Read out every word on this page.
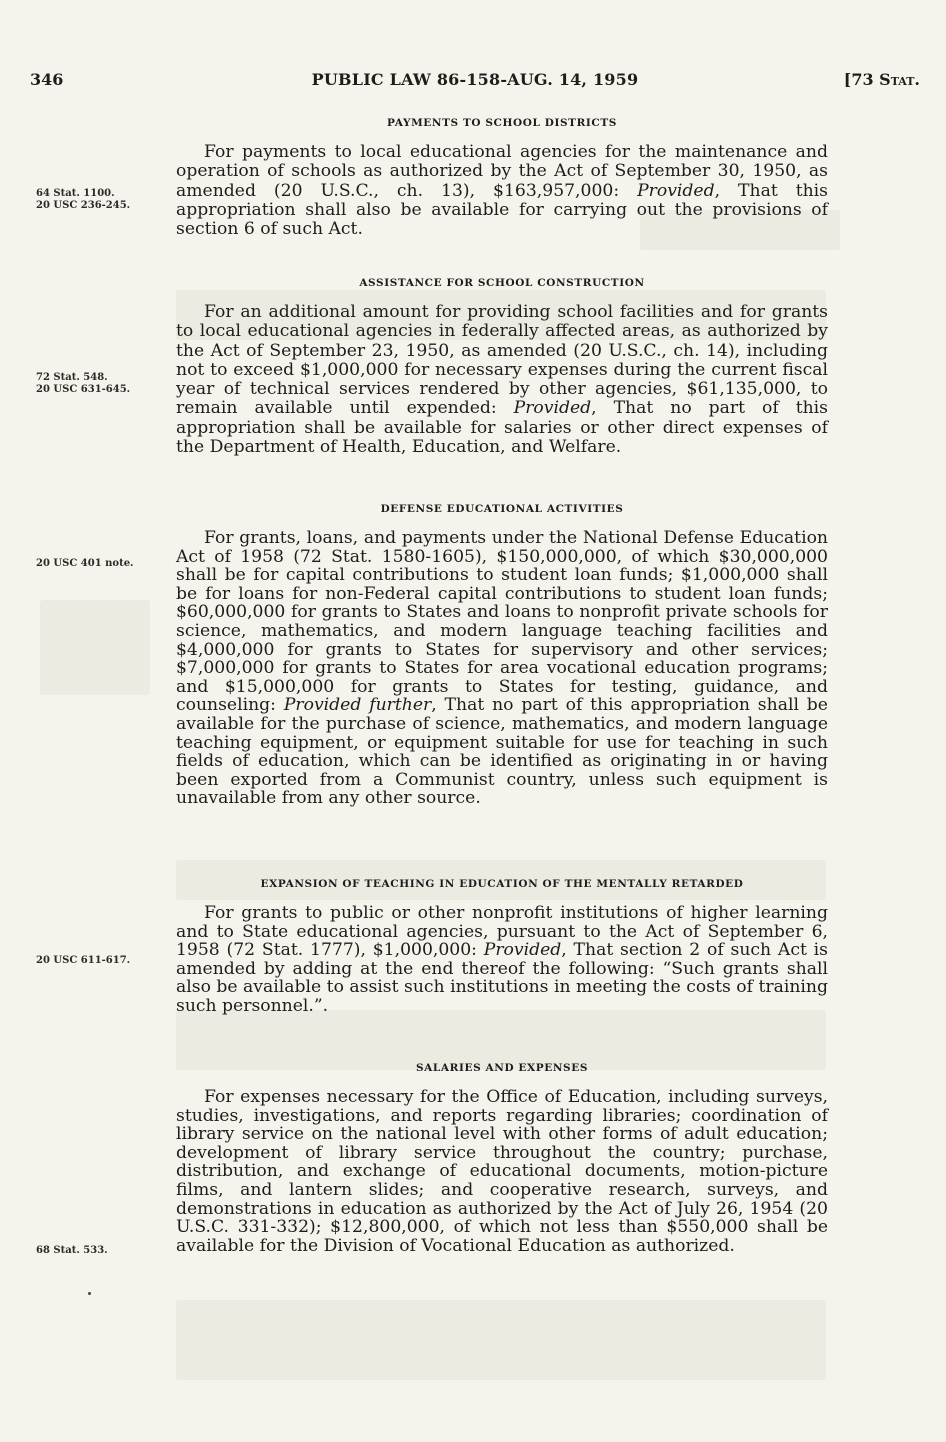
346	PUBLIC LAW 86-158-AUG. 14, 1959	[73 Stat.
64 Stat. 1100.
20 USC 236-245.
PAYMENTS TO SCHOOL DISTRICTS

For payments to local educational agencies for the maintenance and operation of schools as authorized by the Act of September 30, 1950, as amended (20 U.S.C., ch. 13), $163,957,000: Provided, That this appropriation shall also be available for carrying out the provisions of section 6 of such Act.

72 Stat. 548.
20 USC 631-645.
ASSISTANCE FOR SCHOOL CONSTRUCTION

For an additional amount for providing school facilities and for grants to local educational agencies in federally affected areas, as authorized by the Act of September 23, 1950, as amended (20 U.S.C., ch. 14), including not to exceed $1,000,000 for necessary expenses during the current fiscal year of technical services rendered by other agencies, $61,135,000, to remain available until expended: Provided, That no part of this appropriation shall be available for salaries or other direct expenses of the Department of Health, Education, and Welfare.

20 USC 401 note.
DEFENSE EDUCATIONAL ACTIVITIES

For grants, loans, and payments under the National Defense Education Act of 1958 (72 Stat. 1580-1605), $150,000,000, of which $30,000,000 shall be for capital contributions to student loan funds; $1,000,000 shall be for loans for non-Federal capital contributions to student loan funds; $60,000,000 for grants to States and loans to nonprofit private schools for science, mathematics, and modern language teaching facilities and $4,000,000 for grants to States for supervisory and other services; $7,000,000 for grants to States for area vocational education programs; and $15,000,000 for grants to States for testing, guidance, and counseling: Provided further, That no part of this appropriation shall be available for the purchase of science, mathematics, and modern language teaching equipment, or equipment suitable for use for teaching in such fields of education, which can be identified as originating in or having been exported from a Communist country, unless such equipment is unavailable from any other source.

20 USC 611-617.
EXPANSION OF TEACHING IN EDUCATION OF THE MENTALLY RETARDED

For grants to public or other nonprofit institutions of higher learning and to State educational agencies, pursuant to the Act of September 6, 1958 (72 Stat. 1777), $1,000,000: Provided, That section 2 of such Act is amended by adding at the end thereof the following: “Such grants shall also be available to assist such institutions in meeting the costs of training such personnel.”.

68 Stat. 533.
SALARIES AND EXPENSES

For expenses necessary for the Office of Education, including surveys, studies, investigations, and reports regarding libraries; coordination of library service on the national level with other forms of adult education; development of library service throughout the country; purchase, distribution, and exchange of educational documents, motion-picture films, and lantern slides; and cooperative research, surveys, and demonstrations in education as authorized by the Act of July 26, 1954 (20 U.S.C. 331-332); $12,800,000, of which not less than $550,000 shall be available for the Division of Vocational Education as authorized.
